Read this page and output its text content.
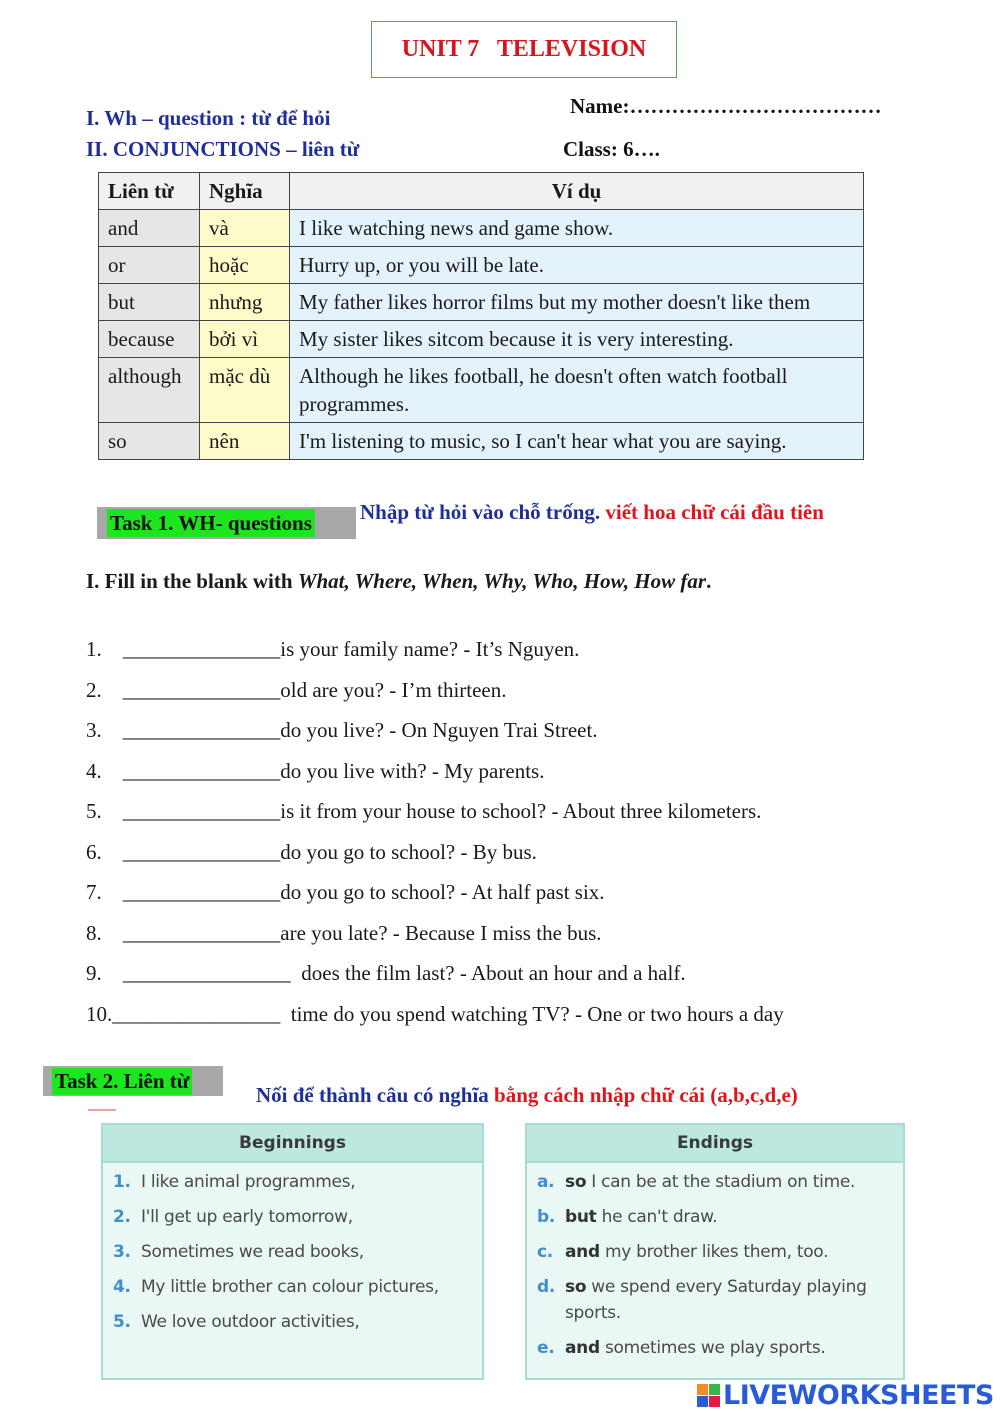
UNIT 7   TELEVISION
I. Wh – question : từ để hỏi
II. CONJUNCTIONS – liên từ
Name:………………………………
Class: 6….
Liên từ	Nghĩa	Ví dụ
and	và	I like watching news and game show.
or	hoặc	Hurry up, or you will be late.
but	nhưng	My father likes horror films but my mother doesn't like them
because	bởi vì	My sister likes sitcom because it is very interesting.
although	mặc dù	Although he likes football, he doesn't often watch football programmes.
so	nên	I'm listening to music, so I can't hear what you are saying.
Task 1. WH- questions Nhập từ hỏi vào chỗ trống. viết hoa chữ cái đầu tiên
I. Fill in the blank with What, Where, When, Why, Who, How, How far.
1.    _______________is your family name? - It’s Nguyen.
2.    _______________old are you? - I’m thirteen.
3.    _______________do you live? - On Nguyen Trai Street.
4.    _______________do you live with? - My parents.
5.    _______________is it from your house to school? - About three kilometers.
6.    _______________do you go to school? - By bus.
7.    _______________do you go to school? - At half past six.
8.    _______________are you late? - Because I miss the bus.
9.    ________________  does the film last? - About an hour and a half.
10.________________  time do you spend watching TV? - One or two hours a day
Task 2. Liên từ
Nối để thành câu có nghĩa bằng cách nhập chữ cái (a,b,c,d,e)
Beginnings
1. I like animal programmes,
2. I'll get up early tomorrow,
3. Sometimes we read books,
4. My little brother can colour pictures,
5. We love outdoor activities,
Endings
a. so I can be at the stadium on time.
b. but he can't draw.
c. and my brother likes them, too.
d. so we spend every Saturday playing sports.
e. and sometimes we play sports.
LIVEWORKSHEETS
